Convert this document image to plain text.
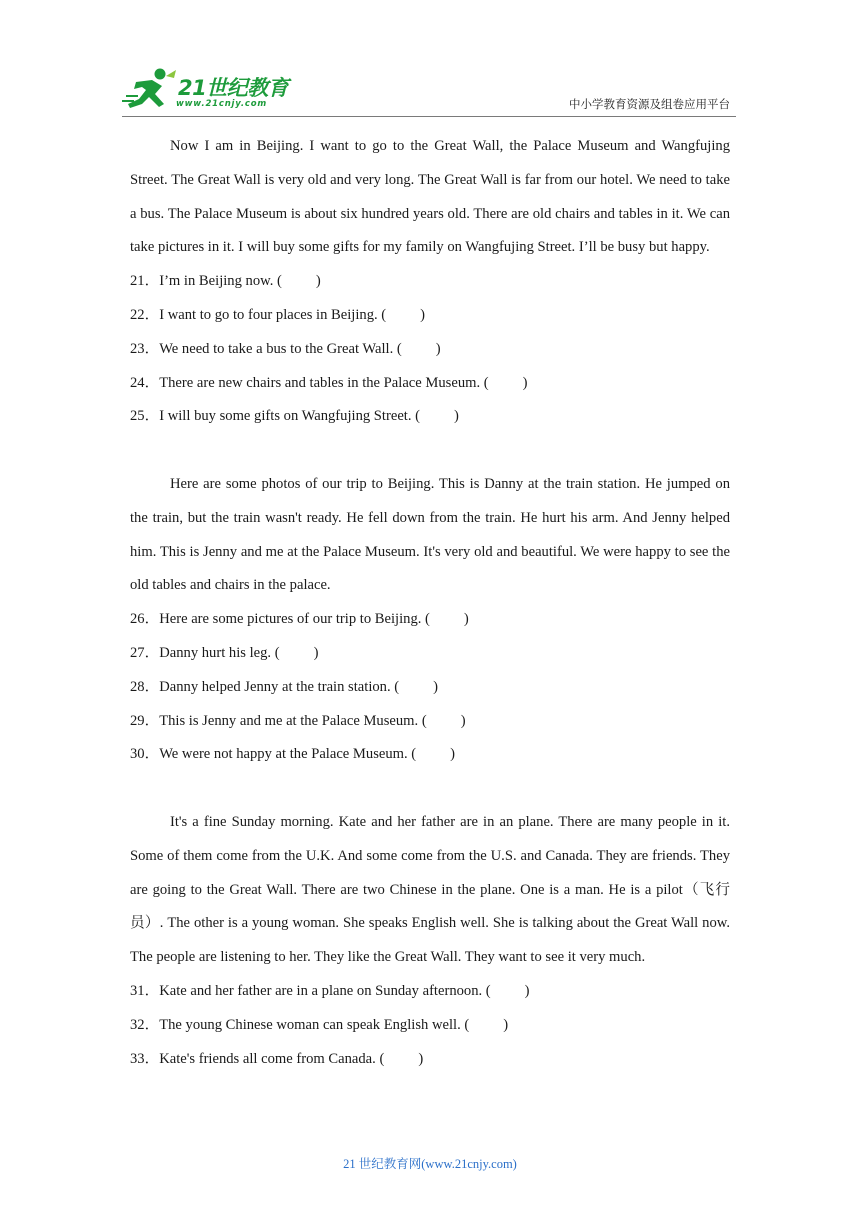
21世纪教育
www.21cnjy.com	中小学教育资源及组卷应用平台

Now I am in Beijing. I want to go to the Great Wall, the Palace Museum and Wangfujing Street. The Great Wall is very old and very long. The Great Wall is far from our hotel. We need to take a bus. The Palace Museum is about six hundred years old. There are old chairs and tables in it. We can take pictures in it. I will buy some gifts for my family on Wangfujing Street. I’ll be busy but happy.

21．I’m in Beijing now. ( )

22．I want to go to four places in Beijing. ( )

23．We need to take a bus to the Great Wall. ( )

24．There are new chairs and tables in the Palace Museum. ( )

25．I will buy some gifts on Wangfujing Street. ( )

Here are some photos of our trip to Beijing. This is Danny at the train station. He jumped on the train, but the train wasn't ready. He fell down from the train. He hurt his arm. And Jenny helped him. This is Jenny and me at the Palace Museum. It's very old and beautiful. We were happy to see the old tables and chairs in the palace.

26．Here are some pictures of our trip to Beijing. ( )

27．Danny hurt his leg. ( )

28．Danny helped Jenny at the train station. ( )

29．This is Jenny and me at the Palace Museum. ( )

30．We were not happy at the Palace Museum. ( )

It's a fine Sunday morning. Kate and her father are in an plane. There are many people in it. Some of them come from the U.K. And some come from the U.S. and Canada. They are friends. They are going to the Great Wall. There are two Chinese in the plane. One is a man. He is a pilot（飞行员）. The other is a young woman. She speaks English well. She is talking about the Great Wall now. The people are listening to her. They like the Great Wall. They want to see it very much.

31．Kate and her father are in a plane on Sunday afternoon. ( )

32．The young Chinese woman can speak English well. ( )

33．Kate's friends all come from Canada. ( )

21 世纪教育网(www.21cnjy.com)
